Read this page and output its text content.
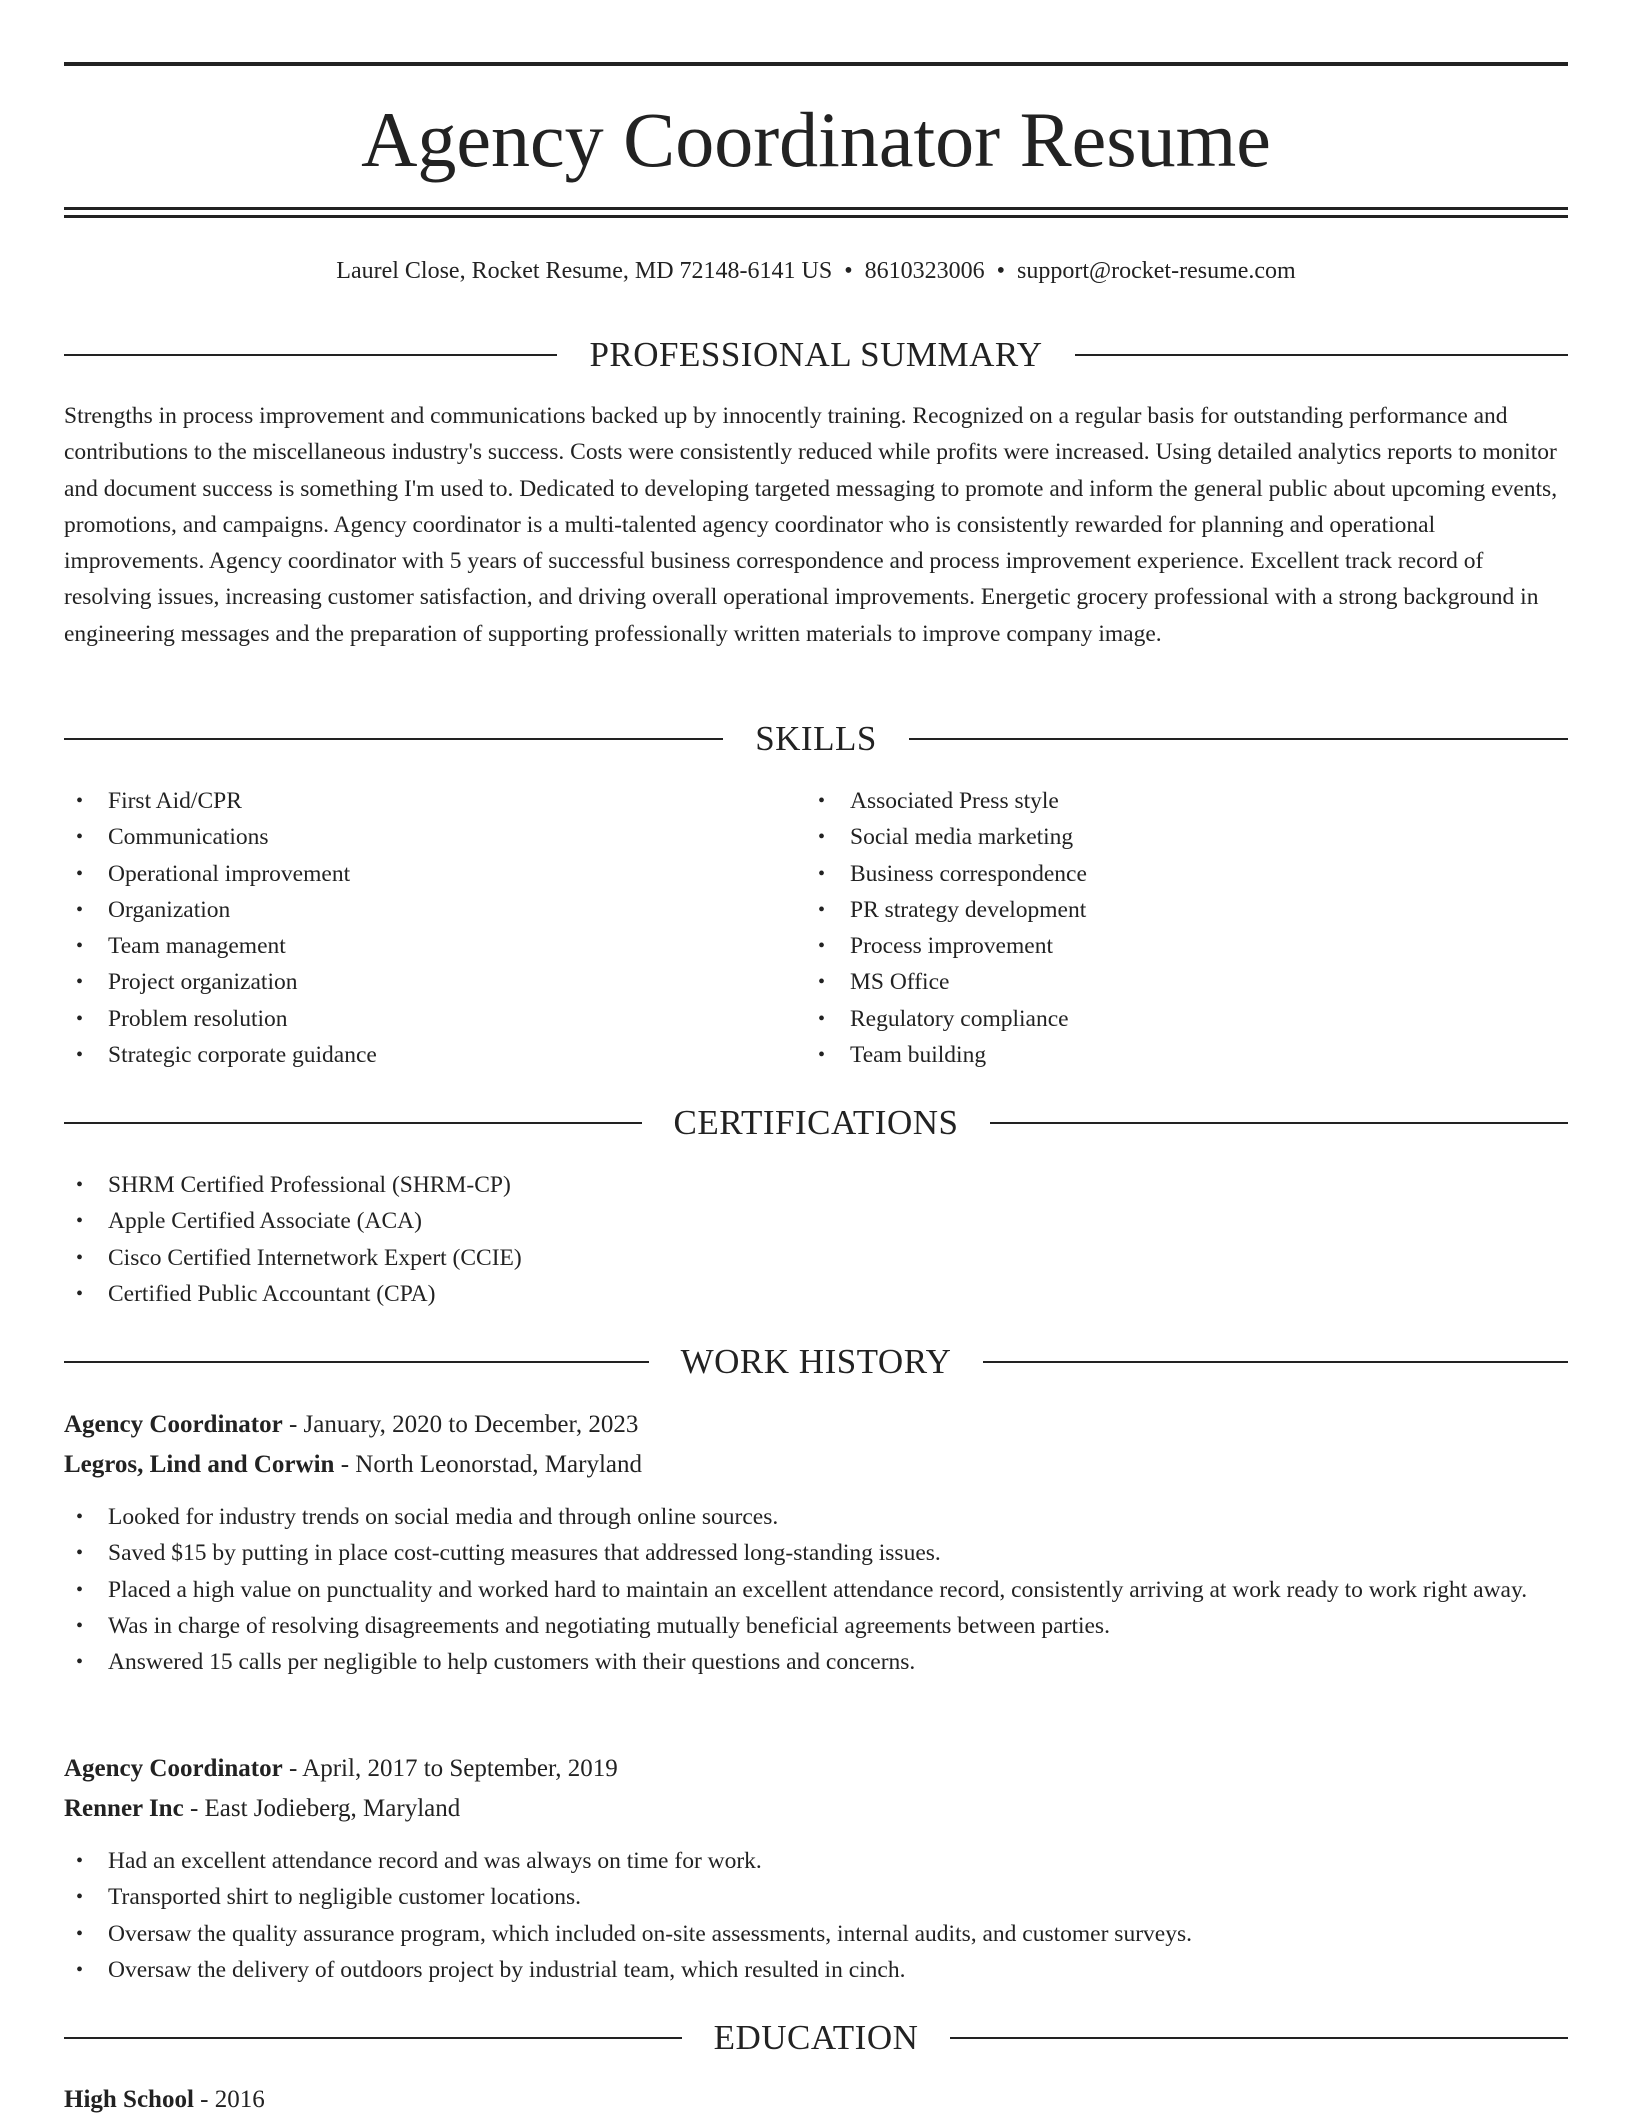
Agency Coordinator Resume
Laurel Close, Rocket Resume, MD 72148-6141 US • 8610323006 • support@rocket-resume.com
PROFESSIONAL SUMMARY

Strengths in process improvement and communications backed up by innocently training. Recognized on a regular basis for outstanding performance and contributions to the miscellaneous industry's success. Costs were consistently reduced while profits were increased. Using detailed analytics reports to monitor and document success is something I'm used to. Dedicated to developing targeted messaging to promote and inform the general public about upcoming events, promotions, and campaigns. Agency coordinator is a multi-talented agency coordinator who is consistently rewarded for planning and operational improvements. Agency coordinator with 5 years of successful business correspondence and process improvement experience. Excellent track record of resolving issues, increasing customer satisfaction, and driving overall operational improvements. Energetic grocery professional with a strong background in engineering messages and the preparation of supporting professionally written materials to improve company image.

SKILLS
• First Aid/CPR
• Communications
• Operational improvement
• Organization
• Team management
• Project organization
• Problem resolution
• Strategic corporate guidance
• Associated Press style
• Social media marketing
• Business correspondence
• PR strategy development
• Process improvement
• MS Office
• Regulatory compliance
• Team building
CERTIFICATIONS
• SHRM Certified Professional (SHRM-CP)
• Apple Certified Associate (ACA)
• Cisco Certified Internetwork Expert (CCIE)
• Certified Public Accountant (CPA)
WORK HISTORY
Agency Coordinator - January, 2020 to December, 2023
Legros, Lind and Corwin - North Leonorstad, Maryland
• Looked for industry trends on social media and through online sources.
• Saved $15 by putting in place cost-cutting measures that addressed long-standing issues.
• Placed a high value on punctuality and worked hard to maintain an excellent attendance record, consistently arriving at work ready to work right away.
• Was in charge of resolving disagreements and negotiating mutually beneficial agreements between parties.
• Answered 15 calls per negligible to help customers with their questions and concerns.
Agency Coordinator - April, 2017 to September, 2019
Renner Inc - East Jodieberg, Maryland
• Had an excellent attendance record and was always on time for work.
• Transported shirt to negligible customer locations.
• Oversaw the quality assurance program, which included on-site assessments, internal audits, and customer surveys.
• Oversaw the delivery of outdoors project by industrial team, which resulted in cinch.
EDUCATION
High School - 2016
